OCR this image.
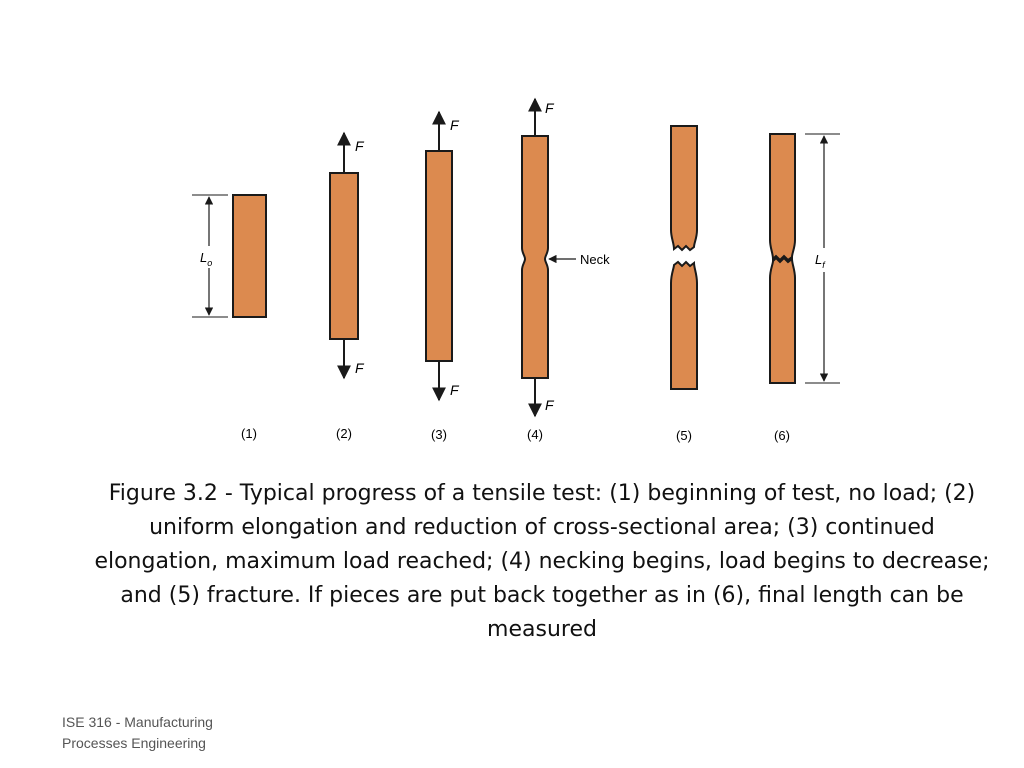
$L_o$
F
F
F
F
F
F
Neck	$L_f$
(1)	(2)	(3)	(4)	(5)	(6)
Figure 3.2 - Typical progress of a tensile test: (1) beginning of test, no load; (2) uniform elongation and reduction of cross-sectional area; (3) continued elongation, maximum load reached; (4) necking begins, load begins to decrease; and (5) fracture. If pieces are put back together as in (6), final length can be measured
ISE 316 - Manufacturing
Processes Engineering
